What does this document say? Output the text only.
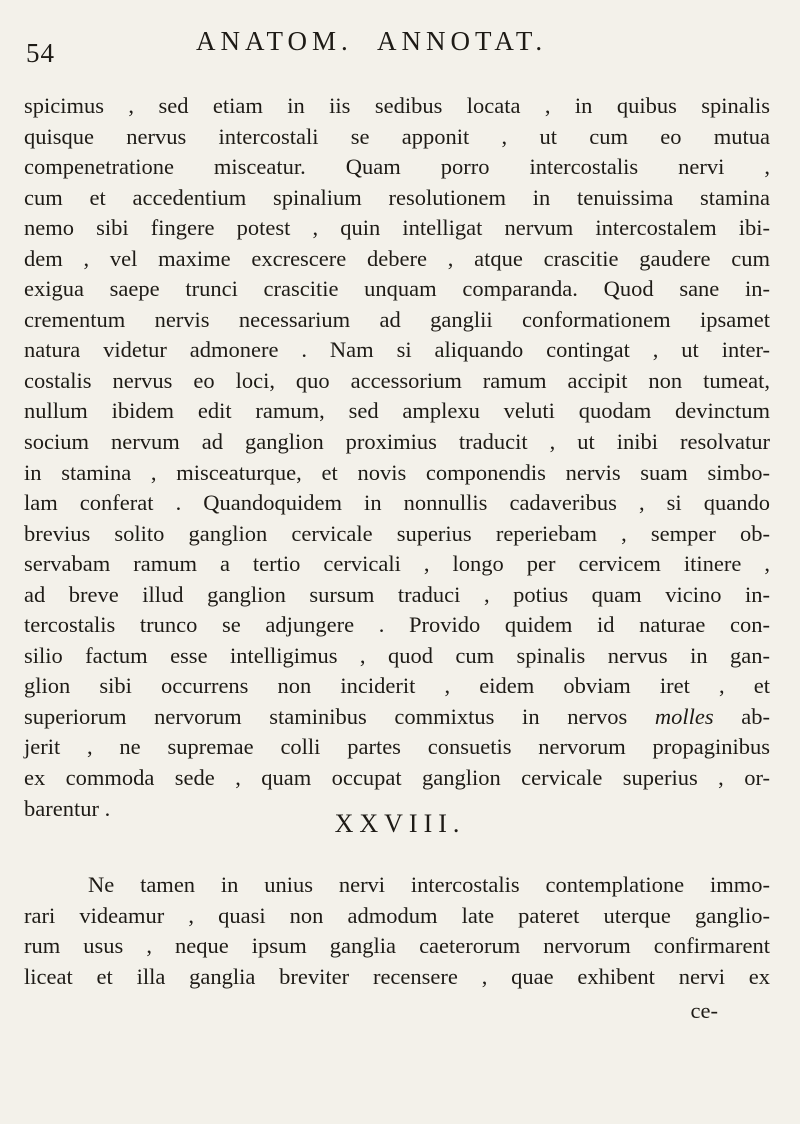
54	ANATOM. ANNOTAT.
spicimus , sed etiam in iis sedibus locata , in quibus spinalis
quisque nervus intercostali se apponit , ut cum eo mutua
compenetratione misceatur. Quam porro intercostalis nervi ,
cum et accedentium spinalium resolutionem in tenuissima stamina
nemo sibi fingere potest , quin intelligat nervum intercostalem ibi-
dem , vel maxime excrescere debere , atque crascitie gaudere cum
exigua saepe trunci crascitie unquam comparanda. Quod sane in-
crementum nervis necessarium ad ganglii conformationem ipsamet
natura videtur admonere . Nam si aliquando contingat , ut inter-
costalis nervus eo loci, quo accessorium ramum accipit non tumeat,
nullum ibidem edit ramum, sed amplexu veluti quodam devinctum
socium nervum ad ganglion proximius traducit , ut inibi resolvatur
in stamina , misceaturque, et novis componendis nervis suam simbo-
lam conferat . Quandoquidem in nonnullis cadaveribus , si quando
brevius solito ganglion cervicale superius reperiebam , semper ob-
servabam ramum a tertio cervicali , longo per cervicem itinere ,
ad breve illud ganglion sursum traduci , potius quam vicino in-
tercostalis trunco se adjungere . Provido quidem id naturae con-
silio factum esse intelligimus , quod cum spinalis nervus in gan-
glion sibi occurrens non inciderit , eidem obviam iret , et
superiorum nervorum staminibus commixtus in nervos molles ab-
jerit , ne supremae colli partes consuetis nervorum propaginibus
ex commoda sede , quam occupat ganglion cervicale superius , or-
barentur .
XXVIII.
Ne tamen in unius nervi intercostalis contemplatione immo-
rari videamur , quasi non admodum late pateret uterque ganglio-
rum usus , neque ipsum ganglia caeterorum nervorum confirmarent
liceat et illa ganglia breviter recensere , quae exhibent nervi ex
ce-
